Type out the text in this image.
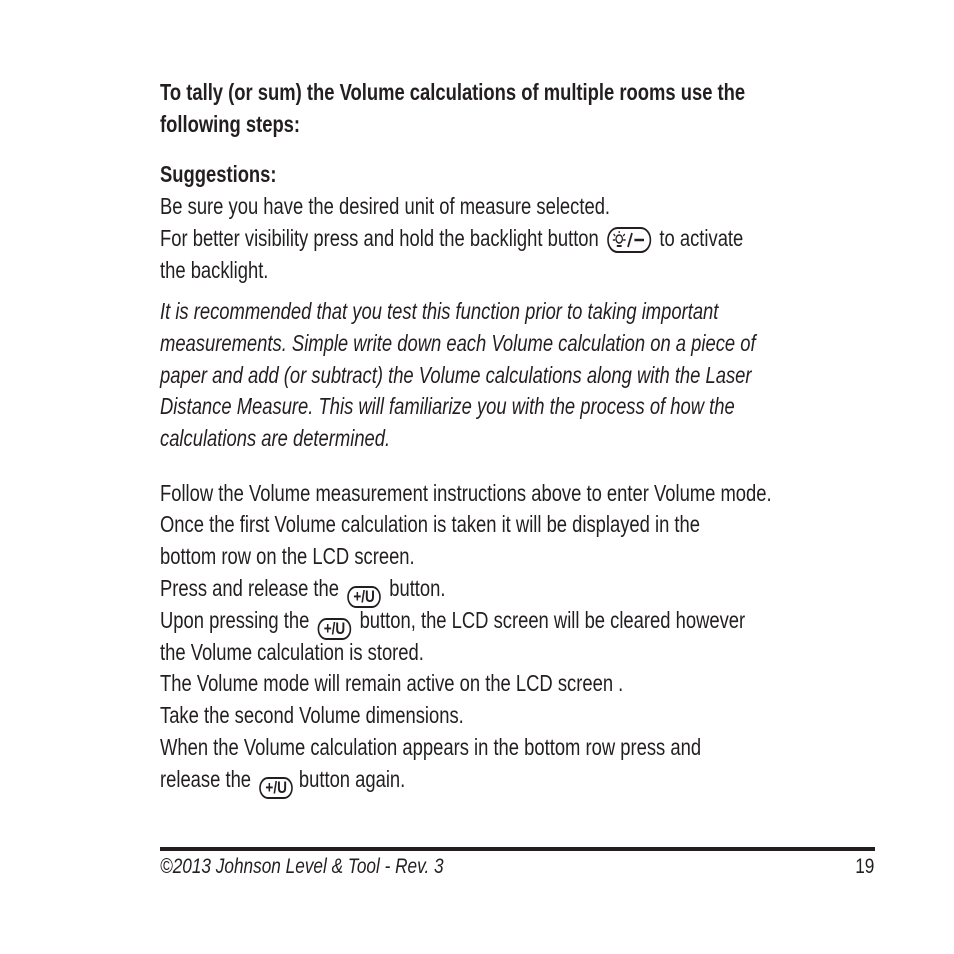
To tally (or sum) the Volume calculations of multiple rooms use the
following steps:
Suggestions:
Be sure you have the desired unit of measure selected.
For better visibility press and hold the backlight button	to activate
the backlight.
It is recommended that you test this function prior to taking important
measurements. Simple write down each Volume calculation on a piece of
paper and add (or subtract) the Volume calculations along with the Laser
Distance Measure. This will familiarize you with the process of how the
calculations are determined.
Follow the Volume measurement instructions above to enter Volume mode.
Once the first Volume calculation is taken it will be displayed in the
bottom row on the LCD screen.
Press and release the +/U button.
Upon pressing the +/U button, the LCD screen will be cleared however
the Volume calculation is stored.
The Volume mode will remain active on the LCD screen .
Take the second Volume dimensions.
When the Volume calculation appears in the bottom row press and
release the +/U button again.
©2013 Johnson Level & Tool - Rev. 3	19
